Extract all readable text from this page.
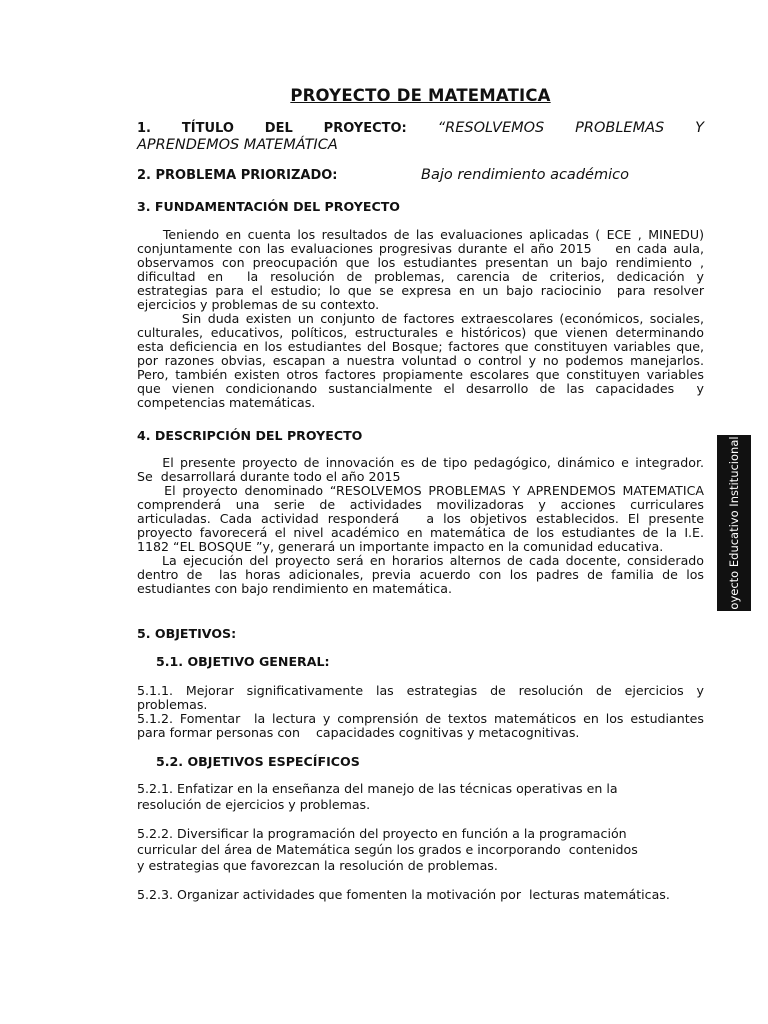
PROYECTO DE MATEMATICA
1. TÍTULO DEL PROYECTO: “RESOLVEMOS PROBLEMAS Y
APRENDEMOS MATEMÁTICA
2. PROBLEMA PRIORIZADO:	Bajo rendimiento académico
3. FUNDAMENTACIÓN DEL PROYECTO
Teniendo en cuenta los resultados de las evaluaciones aplicadas ( ECE , MINEDU)
conjuntamente con las evaluaciones progresivas durante el año 2015    en cada aula,
observamos con preocupación que los estudiantes presentan un bajo rendimiento ,
dificultad en  la resolución de problemas, carencia de criterios, dedicación y
estrategias para el estudio; lo que se expresa en un bajo raciocinio  para resolver
ejercicios y problemas de su contexto.
Sin duda existen un conjunto de factores extraescolares (económicos, sociales,
culturales, educativos, políticos, estructurales e históricos) que vienen determinando
esta deficiencia en los estudiantes del Bosque; factores que constituyen variables que,
por razones obvias, escapan a nuestra voluntad o control y no podemos manejarlos.
Pero, también existen otros factores propiamente escolares que constituyen variables
que vienen condicionando sustancialmente el desarrollo de las capacidades  y
competencias matemáticas.
4. DESCRIPCIÓN DEL PROYECTO
El presente proyecto de innovación es de tipo pedagógico, dinámico e integrador.
Se  desarrollará durante todo el año 2015
El proyecto denominado “RESOLVEMOS PROBLEMAS Y APRENDEMOS MATEMATICA
comprenderá una serie de actividades movilizadoras y acciones curriculares
articuladas. Cada actividad responderá   a los objetivos establecidos. El presente
proyecto favorecerá el nivel académico en matemática de los estudiantes de la I.E.
1182 “EL BOSQUE ”y, generará un importante impacto en la comunidad educativa.
La ejecución del proyecto será en horarios alternos de cada docente, considerado
dentro de  las horas adicionales, previa acuerdo con los padres de familia de los
estudiantes con bajo rendimiento en matemática.
5. OBJETIVOS:
5.1. OBJETIVO GENERAL:
5.1.1. Mejorar significativamente las estrategias de resolución de ejercicios y
problemas.
5.1.2. Fomentar  la lectura y comprensión de textos matemáticos en los estudiantes
para formar personas con    capacidades cognitivas y metacognitivas.
5.2. OBJETIVOS ESPECÍFICOS
5.2.1. Enfatizar en la enseñanza del manejo de las técnicas operativas en la
resolución de ejercicios y problemas.
5.2.2. Diversificar la programación del proyecto en función a la programación
curricular del área de Matemática según los grados e incorporando  contenidos
y estrategias que favorezcan la resolución de problemas.
5.2.3. Organizar actividades que fomenten la motivación por  lecturas matemáticas.
oyecto Educativo Institucional
